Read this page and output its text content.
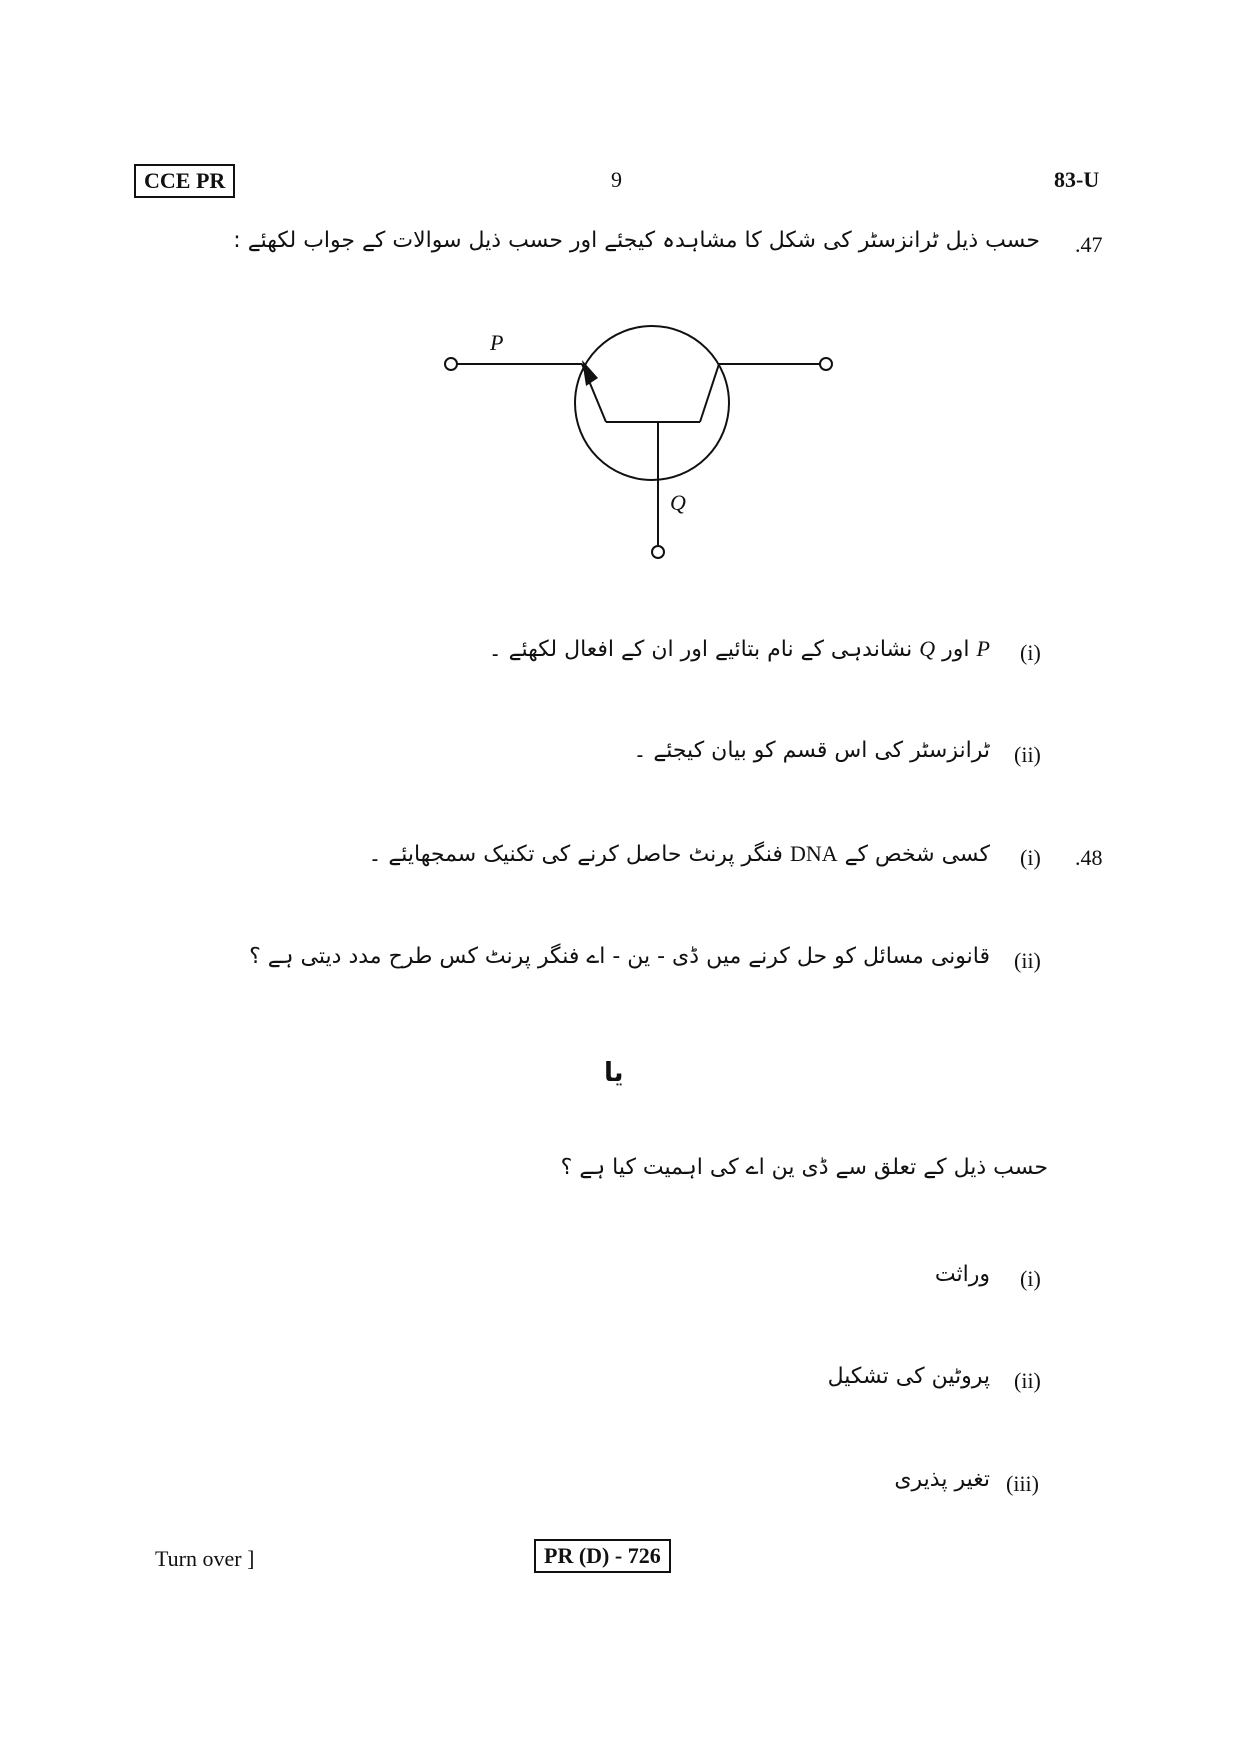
CCE PR	9	83-U
.47
حسب ذیل ٹرانزسٹر کی شکل کا مشاہدہ کیجئے اور حسب ذیل سوالات کے جواب لکھئے :
P
Q
(i)
P اور Q نشاندہی کے نام بتائیے اور ان کے افعال لکھئے ۔
(ii)
ٹرانزسٹر کی اس قسم کو بیان کیجئے ۔
.48
(i)
کسی شخص کے DNA فنگر پرنٹ حاصل کرنے کی تکنیک سمجھایئے ۔
(ii)
قانونی مسائل کو حل کرنے میں ڈی - ین - اے فنگر پرنٹ کس طرح مدد دیتی ہے ؟
یا
حسب ذیل کے تعلق سے ڈی ین اے کی اہمیت کیا ہے ؟
(i)
وراثت
(ii)
پروٹین کی تشکیل
(iii)
تغیر پذیری
Turn over ]	PR (D) - 726
